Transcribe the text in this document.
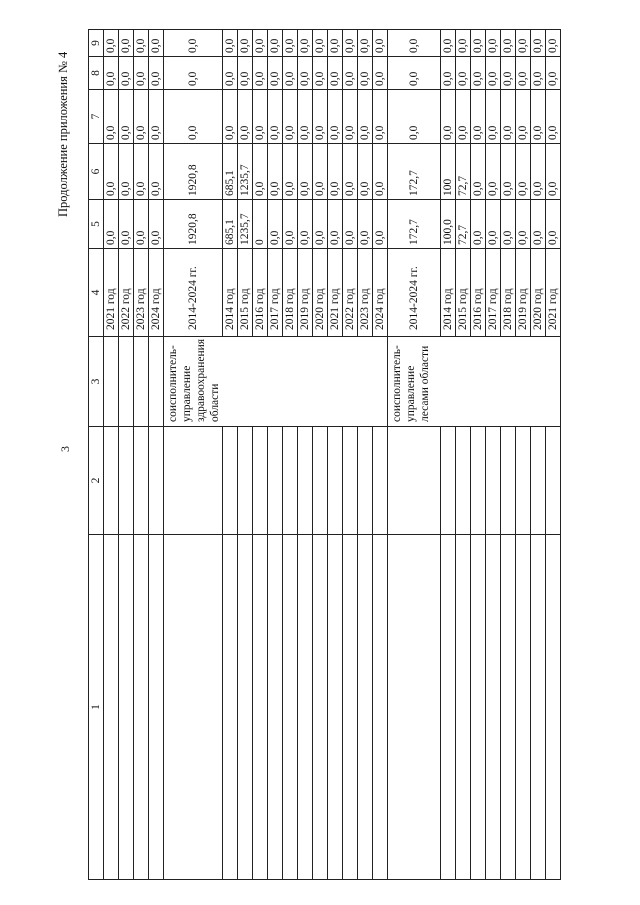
3
Продолжение приложения № 4
1	2	3	4	5	6	7	8	9
			2021 год	0,0	0,0	0,0	0,0	0,0
			2022 год	0,0	0,0	0,0	0,0	0,0
			2023 год	0,0	0,0	0,0	0,0	0,0
			2024 год	0,0	0,0	0,0	0,0	0,0
		соисполнитель-управление здравоохранения области	2014-2024 гг.	1920,8	1920,8	0,0	0,0	0,0
			2014 год	685,1	685,1	0,0	0,0	0,0
			2015 год	1235,7	1235,7	0,0	0,0	0,0
			2016 год	0	0,0	0,0	0,0	0,0
			2017 год	0,0	0,0	0,0	0,0	0,0
			2018 год	0,0	0,0	0,0	0,0	0,0
			2019 год	0,0	0,0	0,0	0,0	0,0
			2020 год	0,0	0,0	0,0	0,0	0,0
			2021 год	0,0	0,0	0,0	0,0	0,0
			2022 год	0,0	0,0	0,0	0,0	0,0
			2023 год	0,0	0,0	0,0	0,0	0,0
			2024 год	0,0	0,0	0,0	0,0	0,0
		соисполнитель-управление лесами области	2014-2024 гг.	172,7	172,7	0,0	0,0	0,0
			2014 год	100,0	100	0,0	0,0	0,0
			2015 год	72,7	72,7	0,0	0,0	0,0
			2016 год	0,0	0,0	0,0	0,0	0,0
			2017 год	0,0	0,0	0,0	0,0	0,0
			2018 год	0,0	0,0	0,0	0,0	0,0
			2019 год	0,0	0,0	0,0	0,0	0,0
			2020 год	0,0	0,0	0,0	0,0	0,0
			2021 год	0,0	0,0	0,0	0,0	0,0
